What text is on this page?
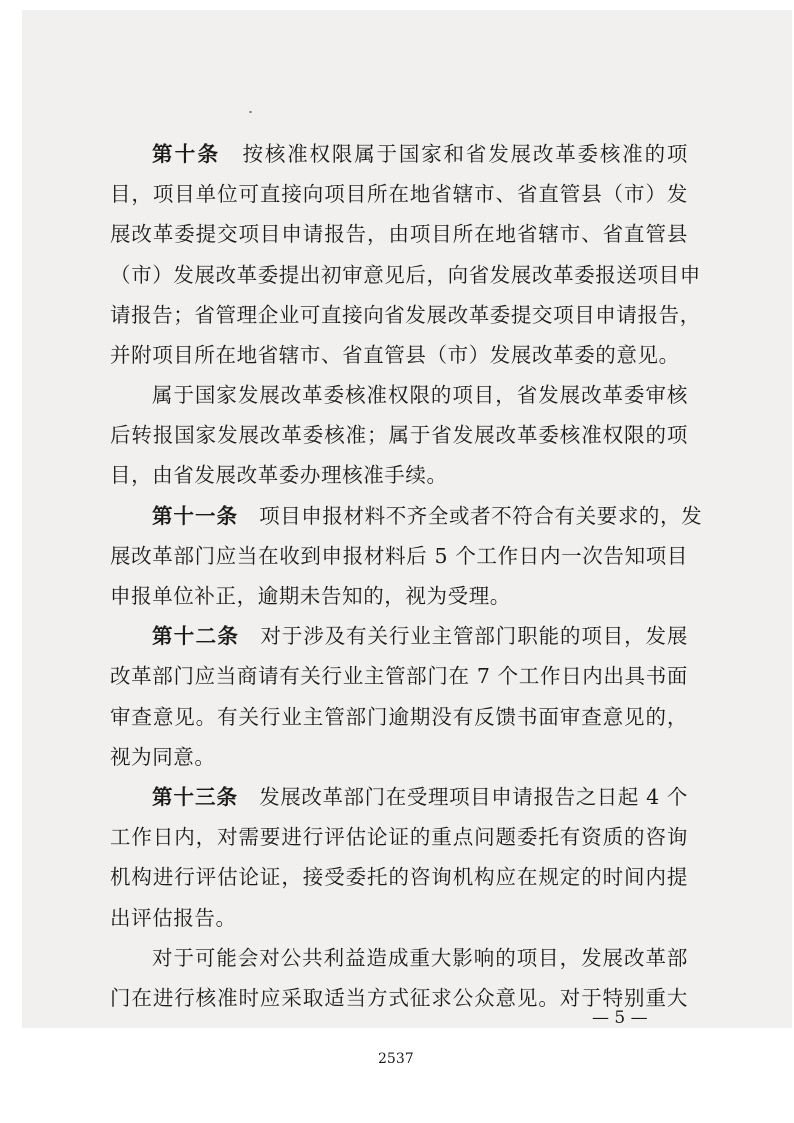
第十条　 按核准权限属于国家和省发展改革委核准的项
目，项目单位可直接向项目所在地省辖市、省直管县（市）发
展改革委提交项目申请报告，由项目所在地省辖市、省直管县
（市）发展改革委提出初审意见后，向省发展改革委报送项目申
请报告；省管理企业可直接向省发展改革委提交项目申请报告，
并附项目所在地省辖市、省直管县（市）发展改革委的意见。
属于国家发展改革委核准权限的项目，省发展改革委审核
后转报国家发展改革委核准；属于省发展改革委核准权限的项
目，由省发展改革委办理核准手续。
第十一条　 项目申报材料不齐全或者不符合有关要求的，发
展改革部门应当在收到申报材料后 5 个工作日内一次告知项目
申报单位补正，逾期未告知的，视为受理。
第十二条　 对于涉及有关行业主管部门职能的项目，发展
改革部门应当商请有关行业主管部门在 7 个工作日内出具书面
审查意见。有关行业主管部门逾期没有反馈书面审查意见的，
视为同意。
第十三条　 发展改革部门在受理项目申请报告之日起 4 个
工作日内，对需要进行评估论证的重点问题委托有资质的咨询
机构进行评估论证，接受委托的咨询机构应在规定的时间内提
出评估报告。
对于可能会对公共利益造成重大影响的项目，发展改革部
门在进行核准时应采取适当方式征求公众意见。对于特别重大
— 5 —
2537
